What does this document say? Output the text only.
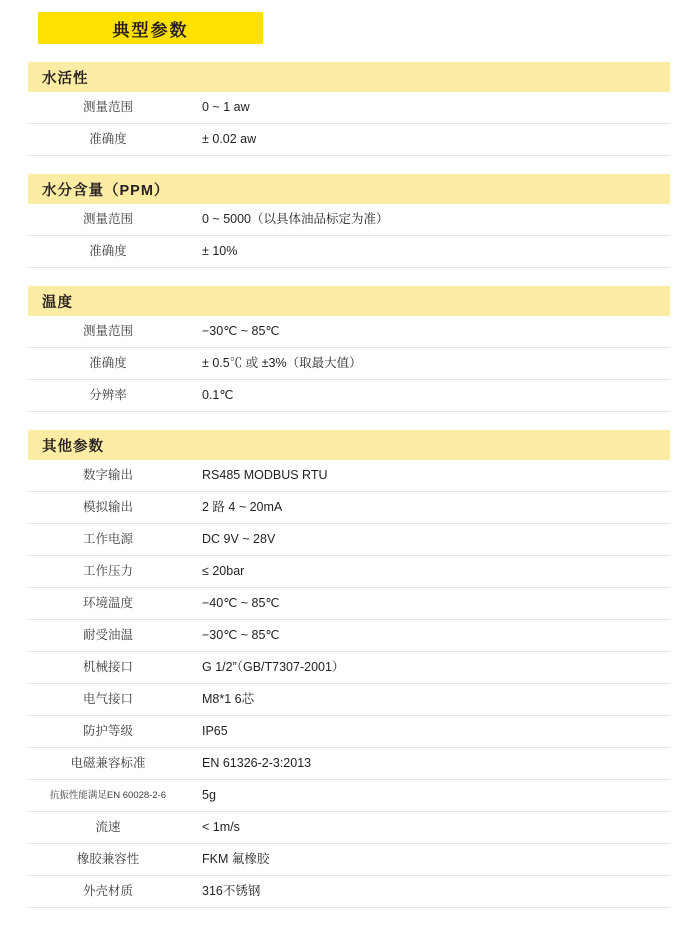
典型参数
水活性
测量范围	0 ~ 1 aw
准确度	± 0.02 aw
水分含量（PPM）
测量范围	0 ~ 5000（以具体油品标定为准）
准确度	± 10%
温度
测量范围	−30℃ ~ 85℃
准确度	± 0.5℃ 或 ±3%（取最大值）
分辨率	0.1℃
其他参数
数字输出	RS485 MODBUS RTU
模拟输出	2 路 4 ~ 20mA
工作电源	DC 9V ~ 28V
工作压力	≤ 20bar
环境温度	−40℃ ~ 85℃
耐受油温	−30℃ ~ 85℃
机械接口	G 1/2”（GB/T7307-2001）
电气接口	M8*1 6芯
防护等级	IP65
电磁兼容标准	EN 61326-2-3:2013
抗振性能满足 EN 60028-2-6	5g
流速	< 1m/s
橡胶兼容性	FKM 氟橡胶
外壳材质	316不锈钢
